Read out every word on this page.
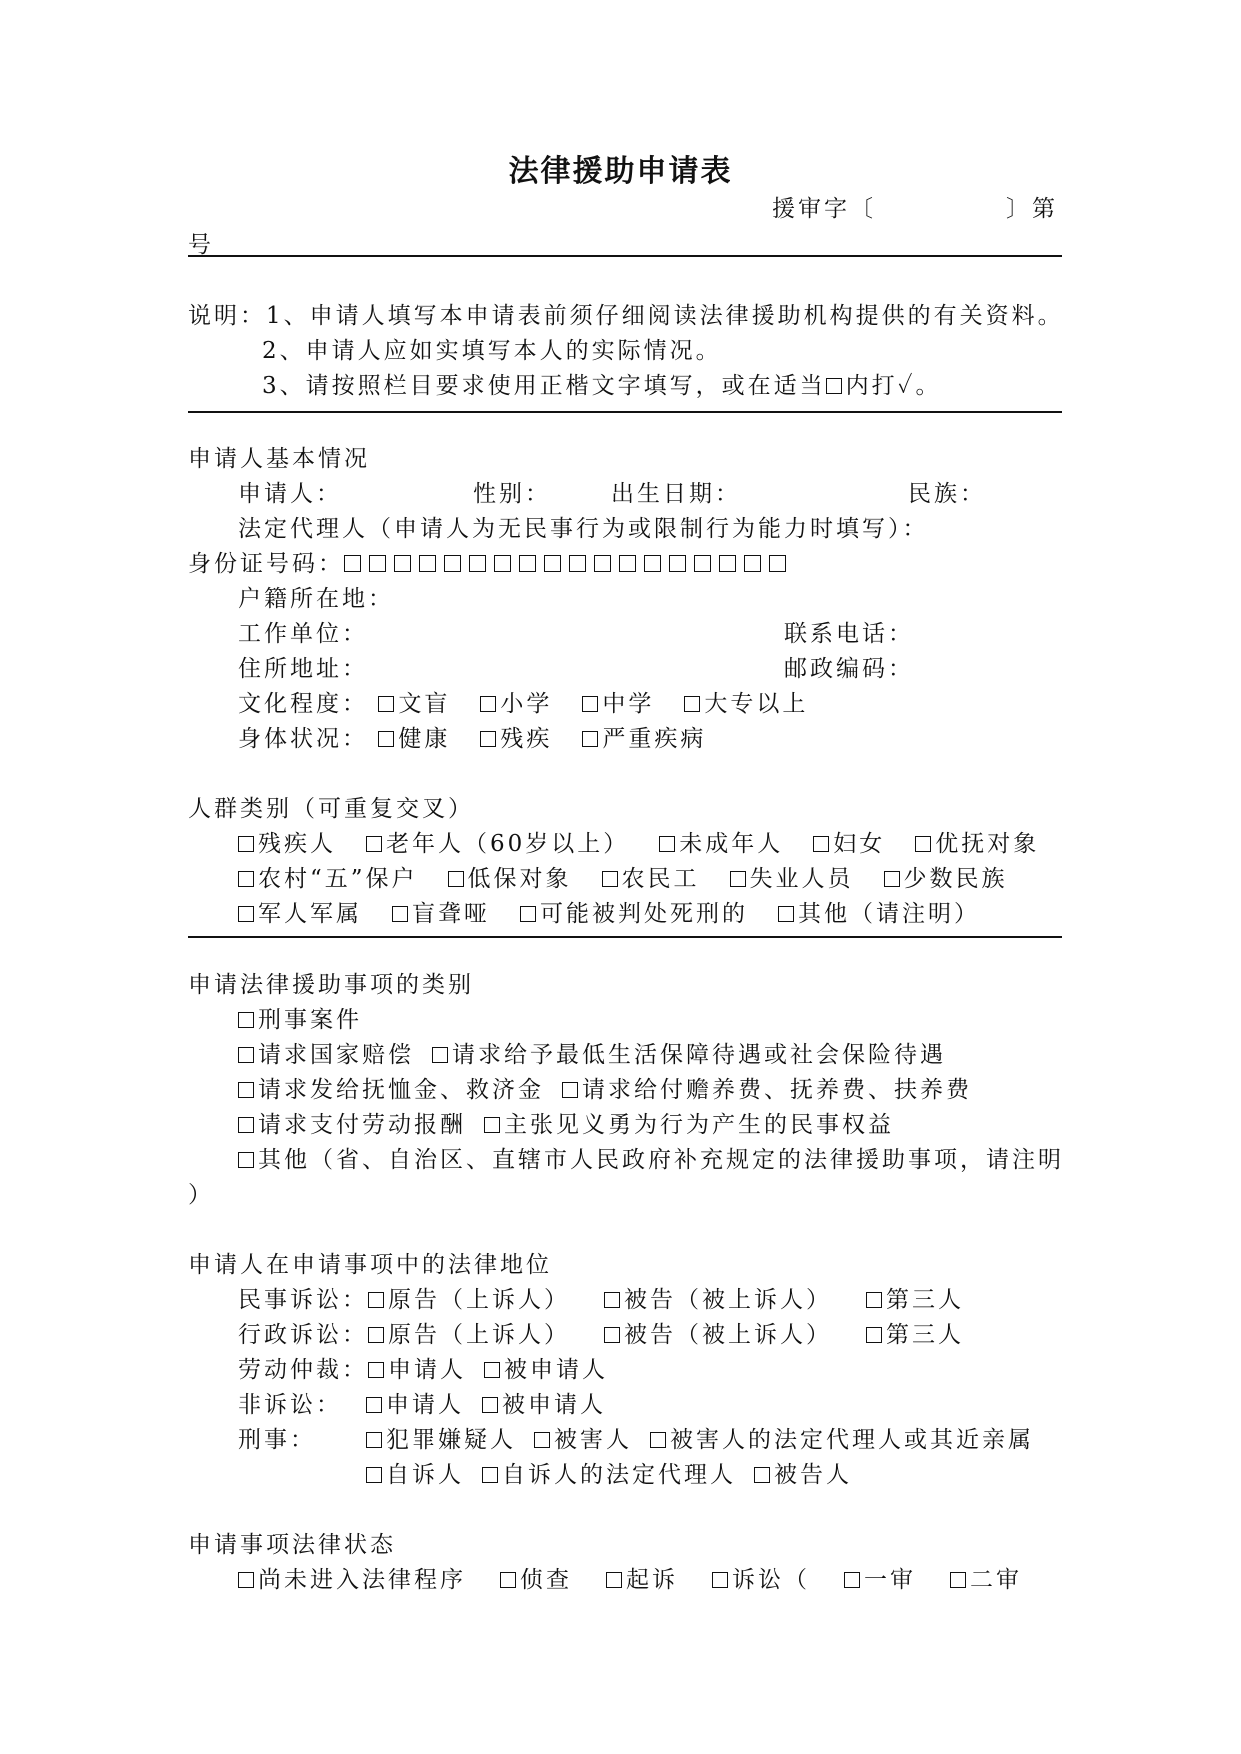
法律援助申请表
援审字〔	〕第
号
说明：1、申请人填写本申请表前须仔细阅读法律援助机构提供的有关资料。
2、申请人应如实填写本人的实际情况。
3、请按照栏目要求使用正楷文字填写，或在适当 内打✓。
申请人基本情况
申请人：	性别：	出生日期：	民族：
法定代理人（申请人为无民事行为或限制行为能力时填写）：
身份证号码：
户籍所在地：
工作单位：	联系电话：
住所地址：	邮政编码：
文化程度： 文盲 小学 中学 大专以上
身体状况： 健康 残疾 严重疾病
人群类别（可重复交叉）
残疾人 老年人（60岁以上） 未成年人 妇女 优抚对象
农村“五”保户 低保对象 农民工 失业人员 少数民族
军人军属 盲聋哑 可能被判处死刑的 其他（请注明）
申请法律援助事项的类别
刑事案件
请求国家赔偿 请求给予最低生活保障待遇或社会保险待遇
请求发给抚恤金、救济金 请求给付赡养费、抚养费、扶养费
请求支付劳动报酬 主张见义勇为行为产生的民事权益
其他（省、自治区、直辖市人民政府补充规定的法律援助事项，请注明
）
申请人在申请事项中的法律地位
民事诉讼： 原告（上诉人） 被告（被上诉人） 第三人
行政诉讼： 原告（上诉人） 被告（被上诉人） 第三人
劳动仲裁： 申请人 被申请人
非诉讼：	申请人 被申请人
刑事：	犯罪嫌疑人 被害人 被害人的法定代理人或其近亲属
自诉人 自诉人的法定代理人 被告人
申请事项法律状态
尚未进入法律程序 侦查 起诉 诉讼（ 一审 二审
